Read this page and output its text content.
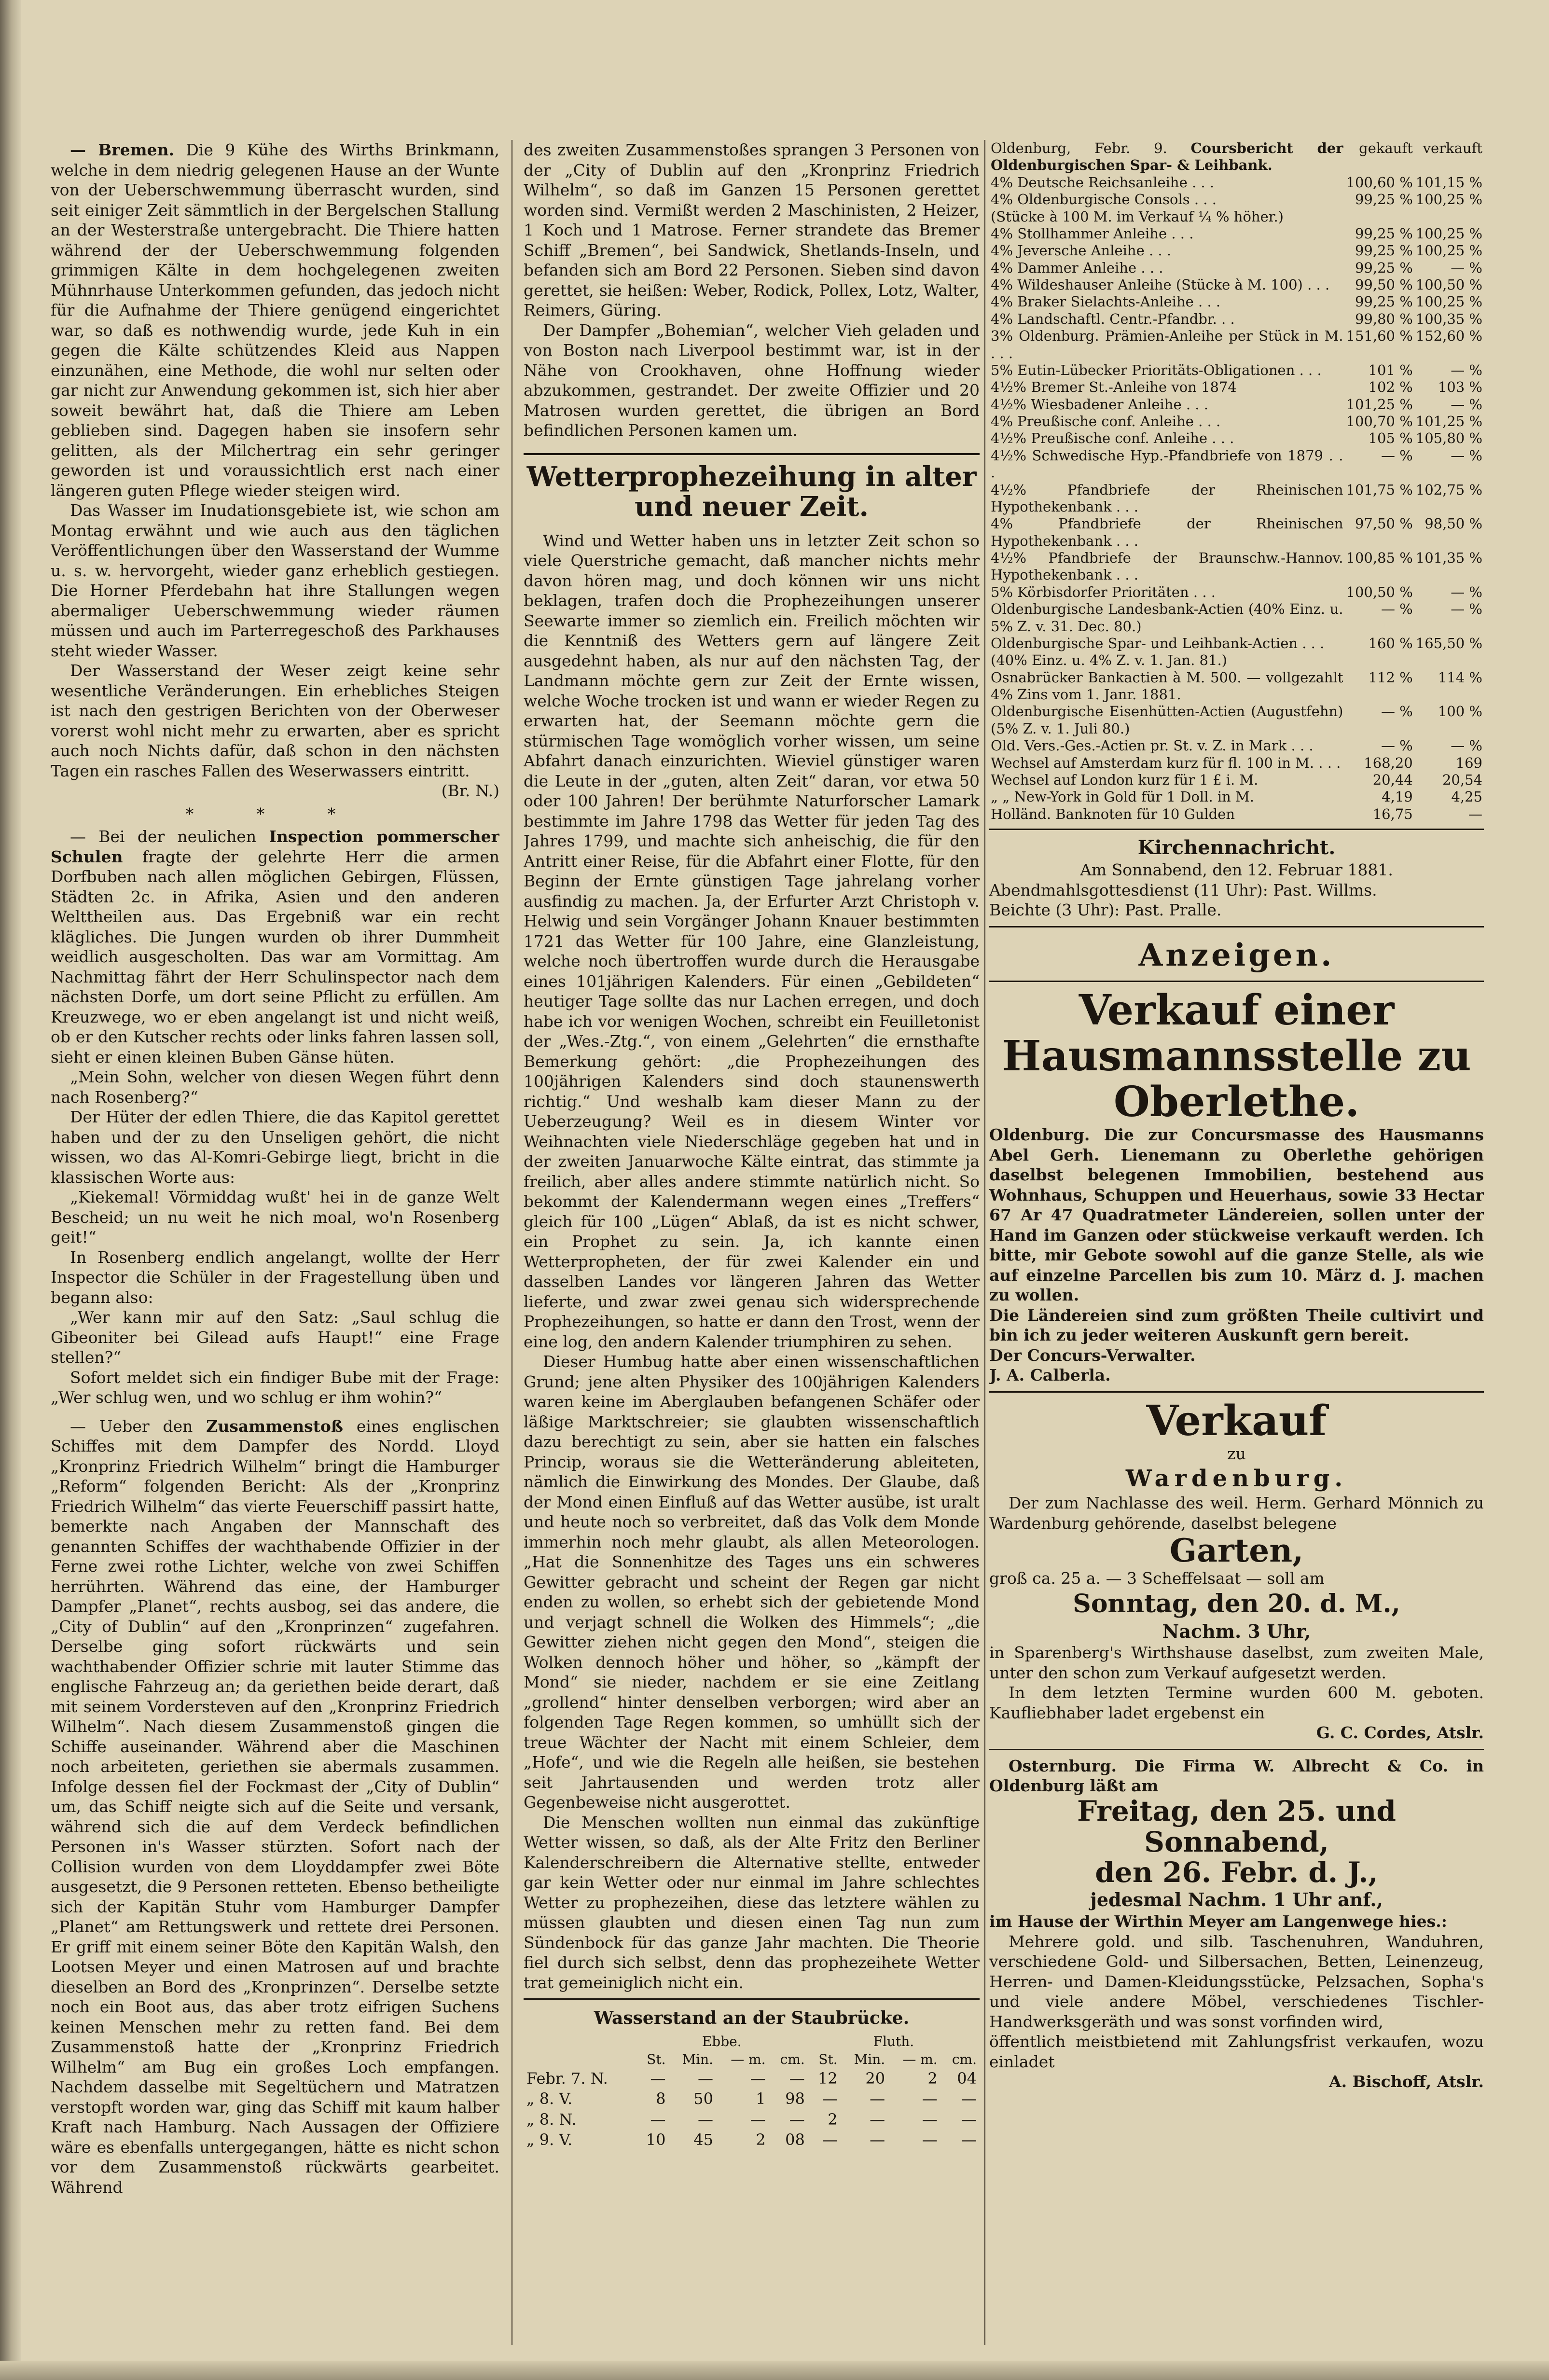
— Bremen. Die 9 Kühe des Wirths Brinkmann, welche in dem niedrig gelegenen Hause an der Wunte von der Ueberschwemmung überrascht wurden, sind seit einiger Zeit sämmtlich in der Bergelschen Stallung an der Westerstraße untergebracht. Die Thiere hatten während der der Ueberschwemmung folgenden grimmigen Kälte in dem hochgelegenen zweiten Mühnrhause Unterkommen gefunden, das jedoch nicht für die Aufnahme der Thiere genügend eingerichtet war, so daß es nothwendig wurde, jede Kuh in ein gegen die Kälte schützendes Kleid aus Nappen einzunähen, eine Methode, die wohl nur selten oder gar nicht zur Anwendung gekommen ist, sich hier aber soweit bewährt hat, daß die Thiere am Leben geblieben sind. Dagegen haben sie insofern sehr gelitten, als der Milchertrag ein sehr geringer geworden ist und voraussichtlich erst nach einer längeren guten Pflege wieder steigen wird.

Das Wasser im Inudationsgebiete ist, wie schon am Montag erwähnt und wie auch aus den täglichen Veröffentlichungen über den Wasserstand der Wumme u. s. w. hervorgeht, wieder ganz erheblich gestiegen. Die Horner Pferdebahn hat ihre Stallungen wegen abermaliger Ueberschwemmung wieder räumen müssen und auch im Parterregeschoß des Parkhauses steht wieder Wasser.

Der Wasserstand der Weser zeigt keine sehr wesentliche Veränderungen. Ein erhebliches Steigen ist nach den gestrigen Berichten von der Oberweser vorerst wohl nicht mehr zu erwarten, aber es spricht auch noch Nichts dafür, daß schon in den nächsten Tagen ein rasches Fallen des Weserwassers eintritt.

(Br. N.)
* * *

— Bei der neulichen Inspection pommerscher Schulen fragte der gelehrte Herr die armen Dorfbuben nach allen möglichen Gebirgen, Flüssen, Städten 2c. in Afrika, Asien und den anderen Welttheilen aus. Das Ergebniß war ein recht klägliches. Die Jungen wurden ob ihrer Dummheit weidlich ausgescholten. Das war am Vormittag. Am Nachmittag fährt der Herr Schulinspector nach dem nächsten Dorfe, um dort seine Pflicht zu erfüllen. Am Kreuzwege, wo er eben angelangt ist und nicht weiß, ob er den Kutscher rechts oder links fahren lassen soll, sieht er einen kleinen Buben Gänse hüten.

„Mein Sohn, welcher von diesen Wegen führt denn nach Rosenberg?“

Der Hüter der edlen Thiere, die das Kapitol gerettet haben und der zu den Unseligen gehört, die nicht wissen, wo das Al-Komri-Gebirge liegt, bricht in die klassischen Worte aus:

„Kiekemal! Vörmiddag wußt' hei in de ganze Welt Bescheid; un nu weit he nich moal, wo'n Rosenberg geit!“

In Rosenberg endlich angelangt, wollte der Herr Inspector die Schüler in der Fragestellung üben und begann also:

„Wer kann mir auf den Satz: „Saul schlug die Gibeoniter bei Gilead aufs Haupt!“ eine Frage stellen?“

Sofort meldet sich ein findiger Bube mit der Frage: „Wer schlug wen, und wo schlug er ihm wohin?“

— Ueber den Zusammenstoß eines englischen Schiffes mit dem Dampfer des Nordd. Lloyd „Kronprinz Friedrich Wilhelm“ bringt die Hamburger „Reform“ folgenden Bericht: Als der „Kronprinz Friedrich Wilhelm“ das vierte Feuerschiff passirt hatte, bemerkte nach Angaben der Mannschaft des genannten Schiffes der wachthabende Offizier in der Ferne zwei rothe Lichter, welche von zwei Schiffen herrührten. Während das eine, der Hamburger Dampfer „Planet“, rechts ausbog, sei das andere, die „City of Dublin“ auf den „Kronprinzen“ zugefahren. Derselbe ging sofort rückwärts und sein wachthabender Offizier schrie mit lauter Stimme das englische Fahrzeug an; da geriethen beide derart, daß mit seinem Vordersteven auf den „Kronprinz Friedrich Wilhelm“. Nach diesem Zusammenstoß gingen die Schiffe auseinander. Während aber die Maschinen noch arbeiteten, geriethen sie abermals zusammen. Infolge dessen fiel der Fockmast der „City of Dublin“ um, das Schiff neigte sich auf die Seite und versank, während sich die auf dem Verdeck befindlichen Personen in's Wasser stürzten. Sofort nach der Collision wurden von dem Lloyddampfer zwei Böte ausgesetzt, die 9 Personen retteten. Ebenso betheiligte sich der Kapitän Stuhr vom Hamburger Dampfer „Planet“ am Rettungswerk und rettete drei Personen. Er griff mit einem seiner Böte den Kapitän Walsh, den Lootsen Meyer und einen Matrosen auf und brachte dieselben an Bord des „Kronprinzen“. Derselbe setzte noch ein Boot aus, das aber trotz eifrigen Suchens keinen Menschen mehr zu retten fand. Bei dem Zusammenstoß hatte der „Kronprinz Friedrich Wilhelm“ am Bug ein großes Loch empfangen. Nachdem dasselbe mit Segeltüchern und Matratzen verstopft worden war, ging das Schiff mit kaum halber Kraft nach Hamburg. Nach Aussagen der Offiziere wäre es ebenfalls untergegangen, hätte es nicht schon vor dem Zusammenstoß rückwärts gearbeitet. Während

des zweiten Zusammenstoßes sprangen 3 Personen von der „City of Dublin auf den „Kronprinz Friedrich Wilhelm“, so daß im Ganzen 15 Personen gerettet worden sind. Vermißt werden 2 Maschinisten, 2 Heizer, 1 Koch und 1 Matrose. Ferner strandete das Bremer Schiff „Bremen“, bei Sandwick, Shetlands-Inseln, und befanden sich am Bord 22 Personen. Sieben sind davon gerettet, sie heißen: Weber, Rodick, Pollex, Lotz, Walter, Reimers, Güring.

Der Dampfer „Bohemian“, welcher Vieh geladen und von Boston nach Liverpool bestimmt war, ist in der Nähe von Crookhaven, ohne Hoffnung wieder abzukommen, gestrandet. Der zweite Offizier und 20 Matrosen wurden gerettet, die übrigen an Bord befindlichen Personen kamen um.

Wetterprophezeihung in alter und neuer Zeit.

Wind und Wetter haben uns in letzter Zeit schon so viele Querstriche gemacht, daß mancher nichts mehr davon hören mag, und doch können wir uns nicht beklagen, trafen doch die Prophezeihungen unserer Seewarte immer so ziemlich ein. Freilich möchten wir die Kenntniß des Wetters gern auf längere Zeit ausgedehnt haben, als nur auf den nächsten Tag, der Landmann möchte gern zur Zeit der Ernte wissen, welche Woche trocken ist und wann er wieder Regen zu erwarten hat, der Seemann möchte gern die stürmischen Tage womöglich vorher wissen, um seine Abfahrt danach einzurichten. Wieviel günstiger waren die Leute in der „guten, alten Zeit“ daran, vor etwa 50 oder 100 Jahren! Der berühmte Naturforscher Lamark bestimmte im Jahre 1798 das Wetter für jeden Tag des Jahres 1799, und machte sich anheischig, die für den Antritt einer Reise, für die Abfahrt einer Flotte, für den Beginn der Ernte günstigen Tage jahrelang vorher ausfindig zu machen. Ja, der Erfurter Arzt Christoph v. Helwig und sein Vorgänger Johann Knauer bestimmten 1721 das Wetter für 100 Jahre, eine Glanzleistung, welche noch übertroffen wurde durch die Herausgabe eines 101jährigen Kalenders. Für einen „Gebildeten“ heutiger Tage sollte das nur Lachen erregen, und doch habe ich vor wenigen Wochen, schreibt ein Feuilletonist der „Wes.-Ztg.“, von einem „Gelehrten“ die ernsthafte Bemerkung gehört: „die Prophezeihungen des 100jährigen Kalenders sind doch staunenswerth richtig.“ Und weshalb kam dieser Mann zu der Ueberzeugung? Weil es in diesem Winter vor Weihnachten viele Niederschläge gegeben hat und in der zweiten Januarwoche Kälte eintrat, das stimmte ja freilich, aber alles andere stimmte natürlich nicht. So bekommt der Kalendermann wegen eines „Treffers“ gleich für 100 „Lügen“ Ablaß, da ist es nicht schwer, ein Prophet zu sein. Ja, ich kannte einen Wetterpropheten, der für zwei Kalender ein und dasselben Landes vor längeren Jahren das Wetter lieferte, und zwar zwei genau sich widersprechende Prophezeihungen, so hatte er dann den Trost, wenn der eine log, den andern Kalender triumphiren zu sehen.

Dieser Humbug hatte aber einen wissenschaftlichen Grund; jene alten Physiker des 100jährigen Kalenders waren keine im Aberglauben befangenen Schäfer oder läßige Marktschreier; sie glaubten wissenschaftlich dazu berechtigt zu sein, aber sie hatten ein falsches Princip, woraus sie die Wetteränderung ableiteten, nämlich die Einwirkung des Mondes. Der Glaube, daß der Mond einen Einfluß auf das Wetter ausübe, ist uralt und heute noch so verbreitet, daß das Volk dem Monde immerhin noch mehr glaubt, als allen Meteorologen. „Hat die Sonnenhitze des Tages uns ein schweres Gewitter gebracht und scheint der Regen gar nicht enden zu wollen, so erhebt sich der gebietende Mond und verjagt schnell die Wolken des Himmels“; „die Gewitter ziehen nicht gegen den Mond“, steigen die Wolken dennoch höher und höher, so „kämpft der Mond“ sie nieder, nachdem er sie eine Zeitlang „grollend“ hinter denselben verborgen; wird aber an folgenden Tage Regen kommen, so umhüllt sich der treue Wächter der Nacht mit einem Schleier, dem „Hofe“, und wie die Regeln alle heißen, sie bestehen seit Jahrtausenden und werden trotz aller Gegenbeweise nicht ausgerottet.

Die Menschen wollten nun einmal das zukünftige Wetter wissen, so daß, als der Alte Fritz den Berliner Kalenderschreibern die Alternative stellte, entweder gar kein Wetter oder nur einmal im Jahre schlechtes Wetter zu prophezeihen, diese das letztere wählen zu müssen glaubten und diesen einen Tag nun zum Sündenbock für das ganze Jahr machten. Die Theorie fiel durch sich selbst, denn das prophezeihete Wetter trat gemeiniglich nicht ein.

Wasserstand an der Staubrücke.
	Ebbe.				Fluth.			
	St.	Min.	— m.	cm.	St.	Min.	— m.	cm.
Febr. 7. N.	—	—	—	—	12	20	2	04
„ 8. V.	8	50	1	98	—	—	—	—
„ 8. N.	—	—	—	—	2	—	—	—
„ 9. V.	10	45	2	08	—	—	—	—
Oldenburg, Febr. 9. Coursbericht der Oldenburgischen Spar- & Leihbank.	gekauft	verkauft
4% Deutsche Reichsanleihe . . .	100,60 %	101,15 %
4% Oldenburgische Consols . . .	99,25 %	100,25 %
(Stücke à 100 M. im Verkauf ¼ % höher.)		
4% Stollhammer Anleihe . . .	99,25 %	100,25 %
4% Jeversche Anleihe . . .	99,25 %	100,25 %
4% Dammer Anleihe . . .	99,25 %	— %
4% Wildeshauser Anleihe (Stücke à M. 100) . . .	99,50 %	100,50 %
4% Braker Sielachts-Anleihe . . .	99,25 %	100,25 %
4% Landschaftl. Centr.-Pfandbr. . .	99,80 %	100,35 %
3% Oldenburg. Prämien-Anleihe per Stück in M. . . .	151,60 %	152,60 %
5% Eutin-Lübecker Prioritäts-Obligationen . . .	101 %	— %
4½% Bremer St.-Anleihe von 1874	102 %	103 %
4½% Wiesbadener Anleihe . . .	101,25 %	— %
4% Preußische conf. Anleihe . . .	100,70 %	101,25 %
4½% Preußische conf. Anleihe . . .	105 %	105,80 %
4½% Schwedische Hyp.-Pfandbriefe von 1879 . . .	— %	— %
4½% Pfandbriefe der Rheinischen Hypothekenbank . . .	101,75 %	102,75 %
4% Pfandbriefe der Rheinischen Hypothekenbank . . .	97,50 %	98,50 %
4½% Pfandbriefe der Braunschw.-Hannov. Hypothekenbank . . .	100,85 %	101,35 %
5% Körbisdorfer Prioritäten . . .	100,50 %	— %
Oldenburgische Landesbank-Actien (40% Einz. u. 5% Z. v. 31. Dec. 80.)	— %	— %
Oldenburgische Spar- und Leihbank-Actien . . .	160 %	165,50 %
(40% Einz. u. 4% Z. v. 1. Jan. 81.)		
Osnabrücker Bankactien à M. 500. — vollgezahlt 4% Zins vom 1. Janr. 1881.	112 %	114 %
Oldenburgische Eisenhütten-Actien (Augustfehn) (5% Z. v. 1. Juli 80.)	— %	100 %
Old. Vers.-Ges.-Actien pr. St. v. Z. in Mark . . .	— %	— %
Wechsel auf Amsterdam kurz für fl. 100 in M. . . .	168,20	169
Wechsel auf London kurz für 1 £ i. M.	20,44	20,54
„ „ New-York in Gold für 1 Doll. in M.	4,19	4,25
Holländ. Banknoten für 10 Gulden	16,75	—
Kirchennachricht.

Am Sonnabend, den 12. Februar 1881.

Abendmahlsgottesdienst (11 Uhr): Past. Willms.

Beichte (3 Uhr): Past. Pralle.

Anzeigen.
Verkauf einer
Hausmannsstelle zu Oberlethe.

Oldenburg. Die zur Concursmasse des Hausmanns Abel Gerh. Lienemann zu Oberlethe gehörigen daselbst belegenen Immobilien, bestehend aus Wohnhaus, Schuppen und Heuerhaus, sowie 33 Hectar 67 Ar 47 Quadratmeter Ländereien, sollen unter der Hand im Ganzen oder stückweise verkauft werden. Ich bitte, mir Gebote sowohl auf die ganze Stelle, als wie auf einzelne Parcellen bis zum 10. März d. J. machen zu wollen.

Die Ländereien sind zum größten Theile cultivirt und bin ich zu jeder weiteren Auskunft gern bereit.

Der Concurs-Verwalter.

J. A. Calberla.

Verkauf
zu
Wardenburg.

Der zum Nachlasse des weil. Herm. Gerhard Mönnich zu Wardenburg gehörende, daselbst belegene

Garten,

groß ca. 25 a. — 3 Scheffelsaat — soll am

Sonntag, den 20. d. M.,
Nachm. 3 Uhr,

in Sparenberg's Wirthshause daselbst, zum zweiten Male, unter den schon zum Verkauf aufgesetzt werden.

In dem letzten Termine wurden 600 M. geboten. Kaufliebhaber ladet ergebenst ein

G. C. Cordes, Atslr.

Osternburg. Die Firma W. Albrecht & Co. in Oldenburg läßt am

Freitag, den 25. und Sonnabend,
den 26. Febr. d. J.,
jedesmal Nachm. 1 Uhr anf.,

im Hause der Wirthin Meyer am Langenwege hies.:

Mehrere gold. und silb. Taschenuhren, Wanduhren, verschiedene Gold- und Silbersachen, Betten, Leinenzeug, Herren- und Damen-Kleidungsstücke, Pelzsachen, Sopha's und viele andere Möbel, verschiedenes Tischler-Handwerksgeräth und was sonst vorfinden wird,

öffentlich meistbietend mit Zahlungsfrist verkaufen, wozu einladet

A. Bischoff, Atslr.
